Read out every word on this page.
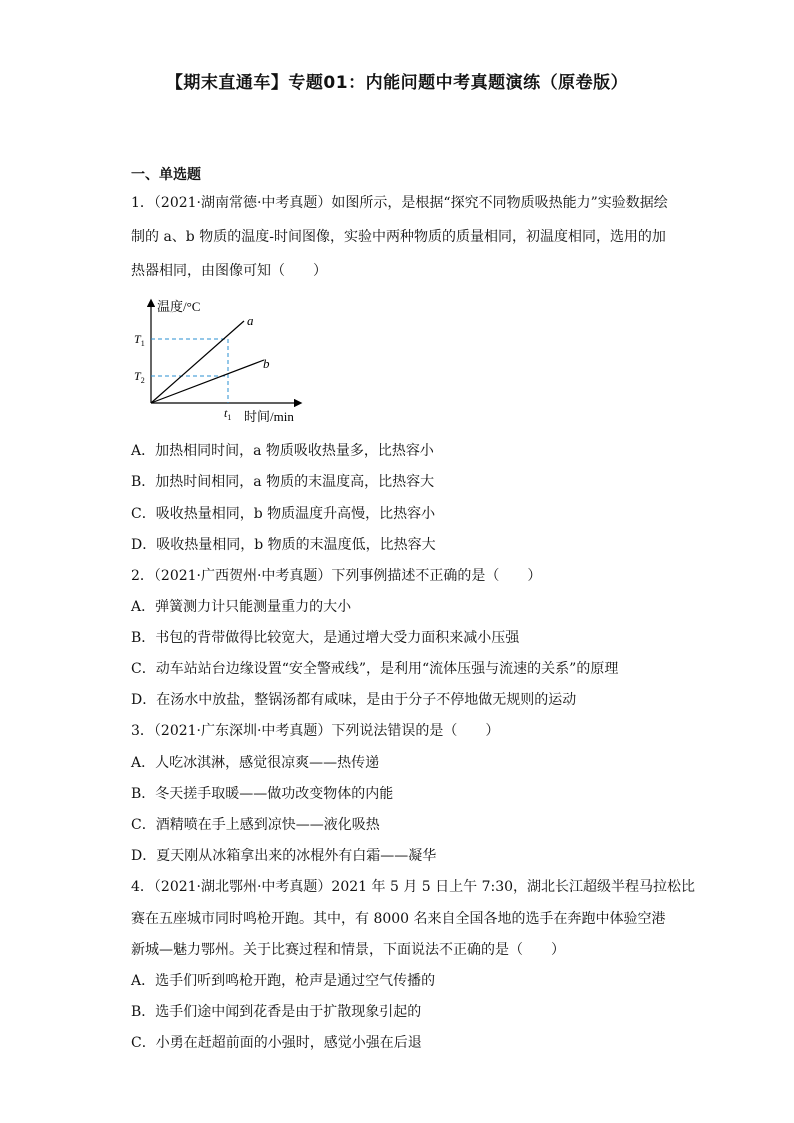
【期末直通车】专题01：内能问题中考真题演练（原卷版）
一、单选题
1．（2021·湖南常德·中考真题）如图所示，是根据“探究不同物质吸热能力”实验数据绘
制的 a、b 物质的温度-时间图像，实验中两种物质的质量相同，初温度相同，选用的加
热器相同，由图像可知（　　）
温度/°C
时间/min
a
b
$T_1$
$T_2$
$t_1$
A．加热相同时间，a 物质吸收热量多，比热容小
B．加热时间相同，a 物质的末温度高，比热容大
C．吸收热量相同，b 物质温度升高慢，比热容小
D．吸收热量相同，b 物质的末温度低，比热容大
2．（2021·广西贺州·中考真题）下列事例描述不正确的是（　　）
A．弹簧测力计只能测量重力的大小
B．书包的背带做得比较宽大，是通过增大受力面积来减小压强
C．动车站站台边缘设置“安全警戒线”，是利用“流体压强与流速的关系”的原理
D．在汤水中放盐，整锅汤都有咸味，是由于分子不停地做无规则的运动
3．（2021·广东深圳·中考真题）下列说法错误的是（　　）
A．人吃冰淇淋，感觉很凉爽——热传递
B．冬天搓手取暖——做功改变物体的内能
C．酒精喷在手上感到凉快——液化吸热
D．夏天刚从冰箱拿出来的冰棍外有白霜——凝华
4．（2021·湖北鄂州·中考真题）2021 年 5 月 5 日上午 7:30，湖北长江超级半程马拉松比
赛在五座城市同时鸣枪开跑。其中，有 8000 名来自全国各地的选手在奔跑中体验空港
新城—魅力鄂州。关于比赛过程和情景，下面说法不正确的是（　　）
A．选手们听到鸣枪开跑，枪声是通过空气传播的
B．选手们途中闻到花香是由于扩散现象引起的
C．小勇在赶超前面的小强时，感觉小强在后退
